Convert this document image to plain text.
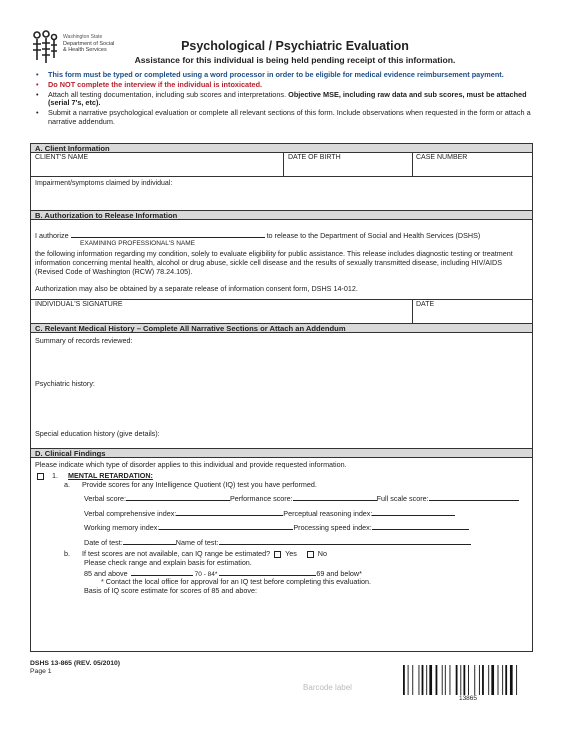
Washington State
Department of Social
& Health Services	Psychological / Psychiatric Evaluation
Assistance for this individual is being held pending receipt of this information.
• This form must be typed or completed using a word processor in order to be eligible for medical evidence reimbursement payment.
• Do NOT complete the interview if the individual is intoxicated.
• Attach all testing documentation, including sub scores and interpretations. Objective MSE, including raw data and sub scores, must be attached (serial 7's, etc).
• Submit a narrative psychological evaluation or complete all relevant sections of this form. Include observations when requested in the form or attach a narrative addendum.
A. Client Information
CLIENT'S NAME	DATE OF BIRTH	CASE NUMBER
Impairment/symptoms claimed by individual:
B. Authorization to Release Information
I authorize	to release to the Department of Social and Health Services (DSHS)
EXAMINING PROFESSIONAL'S NAME
the following information regarding my condition, solely to evaluate eligibility for public assistance. This release includes diagnostic testing or treatment information concerning mental health, alcohol or drug abuse, sickle cell disease and the results of sexually transmitted disease, including HIV/AIDS (Revised Code of Washington (RCW) 78.24.105).
Authorization may also be obtained by a separate release of information consent form, DSHS 14-012.
INDIVIDUAL'S SIGNATURE	DATE
C. Relevant Medical History – Complete All Narrative Sections or Attach an Addendum
Summary of records reviewed:
Psychiatric history:
Special education history (give details):
D. Clinical Findings
Please indicate which type of disorder applies to this individual and provide requested information.
1. MENTAL RETARDATION:
a. Provide scores for any Intelligence Quotient (IQ) test you have performed.
Verbal score:	Performance score:	Full scale score:
Verbal comprehensive index:	Perceptual reasoning index:
Working memory index:	Processing speed index:
Date of test:	Name of test:
b. If test scores are not available, can IQ range be estimated? Yes	No
Please check range and explain basis for estimation.
85 and above	70 - 84*	69 and below*
* Contact the local office for approval for an IQ test before completing this evaluation.
Basis of IQ score estimate for scores of 85 and above:
DSHS 13-865 (REV. 05/2010)
Page 1
Barcode label
13865
